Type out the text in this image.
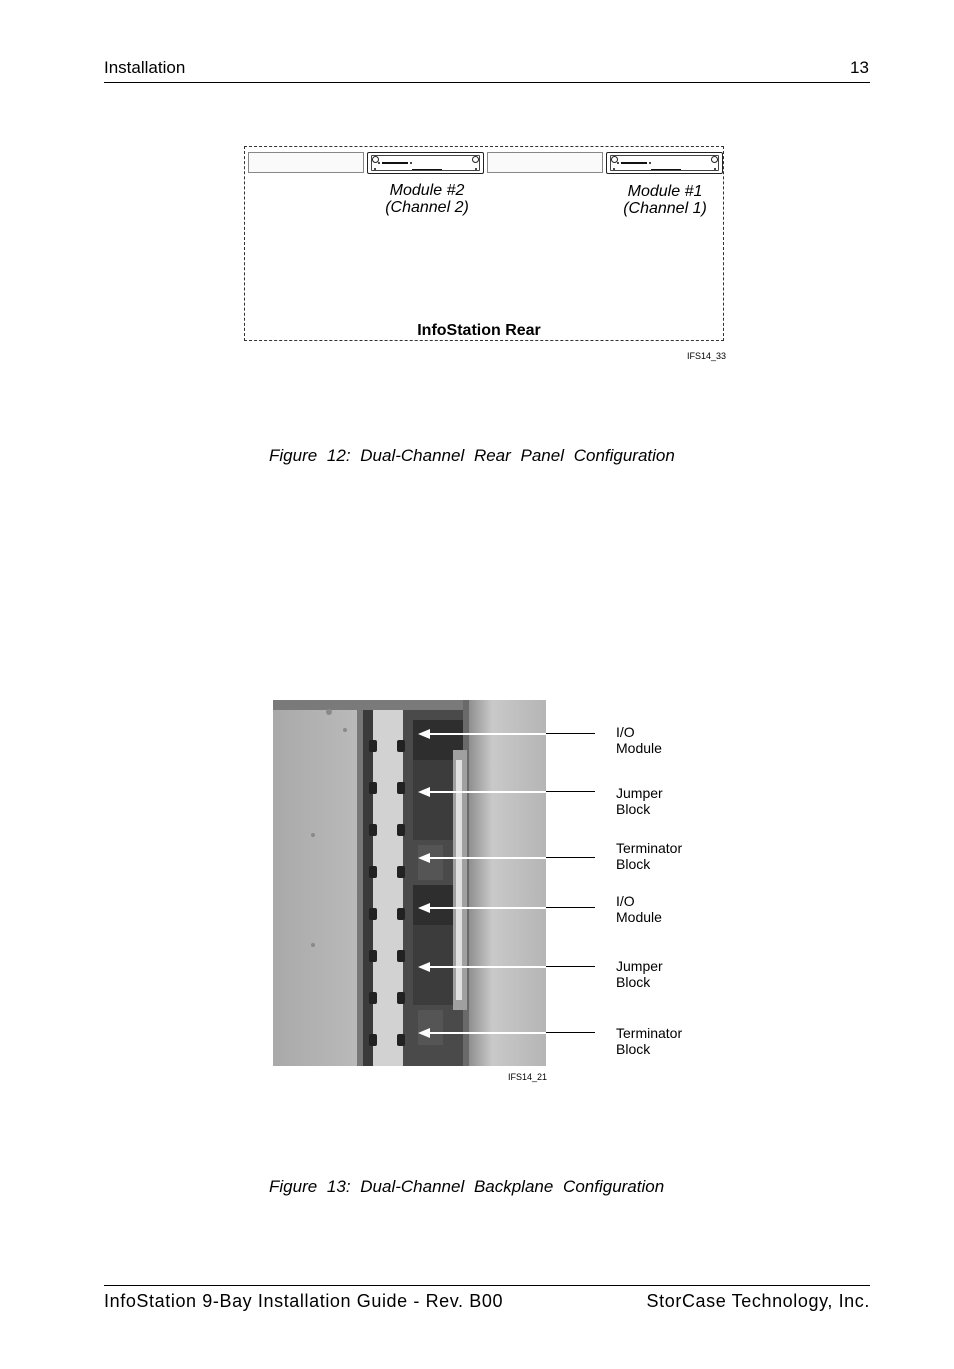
Installation	13
Module #2
(Channel 2)
Module #1
(Channel 1)
InfoStation Rear
IFS14_33
Figure 12: Dual-Channel Rear Panel Configuration
I/O
Module
Jumper
Block
Terminator
Block
I/O
Module
Jumper
Block
Terminator
Block
IFS14_21
Figure 13: Dual-Channel Backplane Configuration
InfoStation 9-Bay Installation Guide - Rev. B00	StorCase Technology, Inc.
